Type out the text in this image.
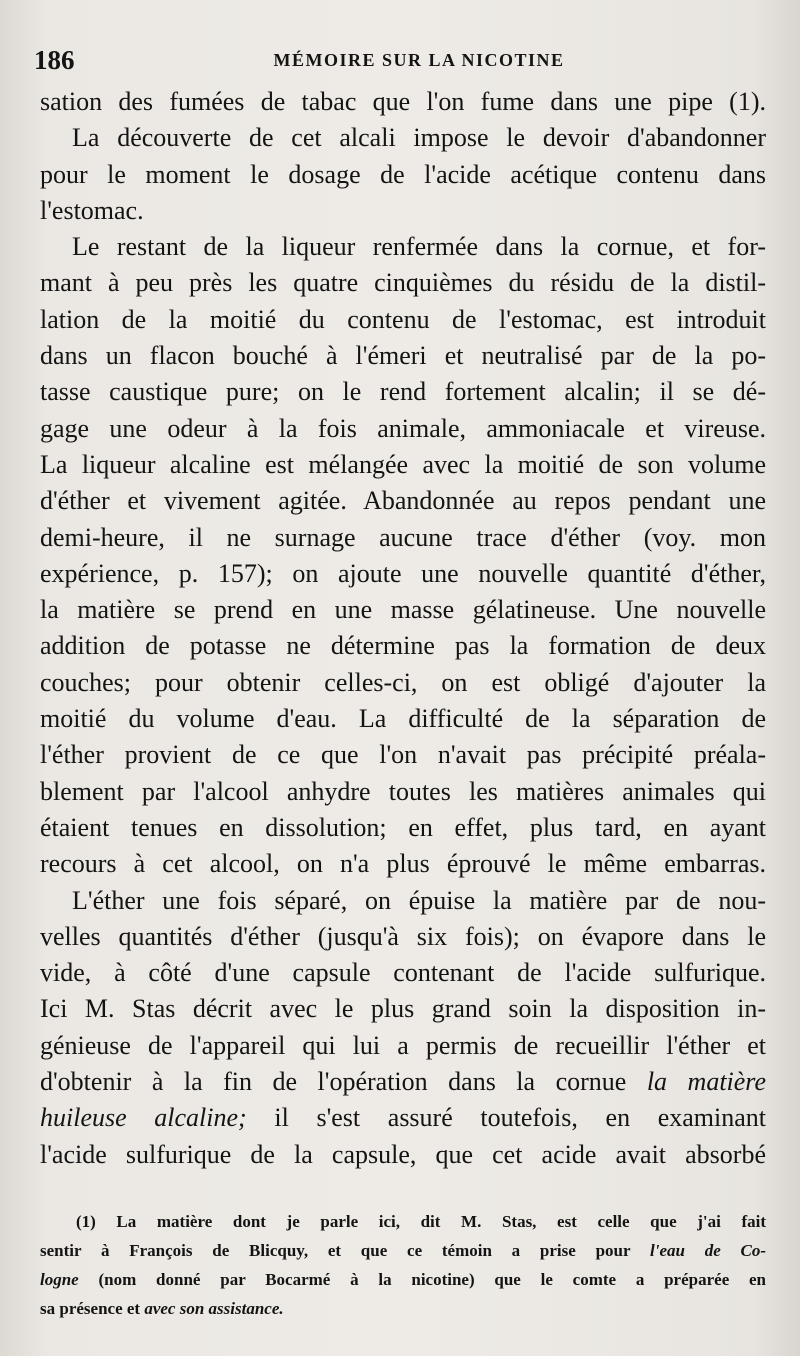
186	MÉMOIRE SUR LA NICOTINE
sation des fumées de tabac que l'on fume dans une pipe (1).
La découverte de cet alcali impose le devoir d'abandonner
pour le moment le dosage de l'acide acétique contenu dans
l'estomac.
Le restant de la liqueur renfermée dans la cornue, et for-
mant à peu près les quatre cinquièmes du résidu de la distil-
lation de la moitié du contenu de l'estomac, est introduit
dans un flacon bouché à l'émeri et neutralisé par de la po-
tasse caustique pure; on le rend fortement alcalin; il se dé-
gage une odeur à la fois animale, ammoniacale et vireuse.
La liqueur alcaline est mélangée avec la moitié de son volume
d'éther et vivement agitée. Abandonnée au repos pendant une
demi-heure, il ne surnage aucune trace d'éther (voy. mon
expérience, p. 157); on ajoute une nouvelle quantité d'éther,
la matière se prend en une masse gélatineuse. Une nouvelle
addition de potasse ne détermine pas la formation de deux
couches; pour obtenir celles-ci, on est obligé d'ajouter la
moitié du volume d'eau. La difficulté de la séparation de
l'éther provient de ce que l'on n'avait pas précipité préala-
blement par l'alcool anhydre toutes les matières animales qui
étaient tenues en dissolution; en effet, plus tard, en ayant
recours à cet alcool, on n'a plus éprouvé le même embarras.
L'éther une fois séparé, on épuise la matière par de nou-
velles quantités d'éther (jusqu'à six fois); on évapore dans le
vide, à côté d'une capsule contenant de l'acide sulfurique.
Ici M. Stas décrit avec le plus grand soin la disposition in-
génieuse de l'appareil qui lui a permis de recueillir l'éther et
d'obtenir à la fin de l'opération dans la cornue la matière
huileuse alcaline; il s'est assuré toutefois, en examinant
l'acide sulfurique de la capsule, que cet acide avait absorbé
(1) La matière dont je parle ici, dit M. Stas, est celle que j'ai fait
sentir à François de Blicquy, et que ce témoin a prise pour l'eau de Co-
logne (nom donné par Bocarmé à la nicotine) que le comte a préparée en
sa présence et avec son assistance.
